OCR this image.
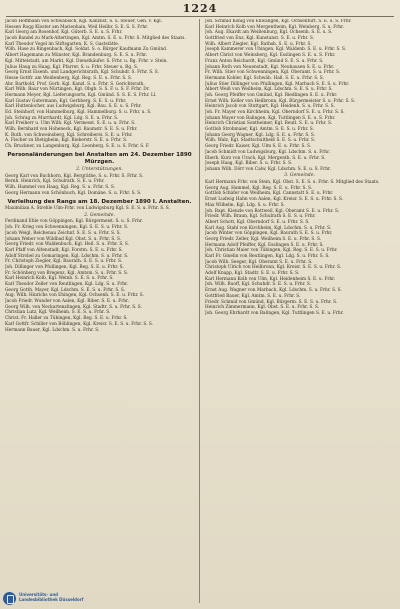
1224
Jacob Hoffmann von Schwäbisch, Kgl. Kanzlist, S. u. Steuer, Gen. v. Kgl.
Hessen Rogg Kloster am Marienhain, Weil Heilbr. S. E. S. S. Frhr.
Karl Georg am Rosenhof, Kgl. Güterb. S. E. u. S. Frhr.
Jacob Bandel zu Mark-Altertingen, Kgl. Amtm. S. E. u. Frhr. S. Mitglied des Staats.
Karl Theodor Vogel im Stiftsgarten, K. S. Gaststätte.
Wilh. Hase zu Ringenbach, Kgl. Soldat. S. o. Bürger Kaufmann Zu Gmünd.
Albert Hagemann zu Münster, Kgl. Brandenburg. S. E. S. u. Frhr.
Kgl. Mittelstadt, am Markt, Kgl. Dienstkäufer. S. Frhr. u. Bg. Frhr. v. Stein.
Julius Haug zu Haag, Kgl. Pfarrer, S. u. Frhr. Steuer u. Bg. S.
Georg Ernst Eisenh. und Landgerichtsrath, Kgl. Schuhdr. S. Frhr. S. S.
Hesse Gottfr. am Weißenberg, Kgl. Reg. S. E. u. Frhr. S. S.
Abr. Barthold, Prof. Gorb. Kgl. Kanzl. S. u. Frhr. S. Gerichtsrath.
Karl Wilh. Baur von Nürtingen, Kgl. Obgb. S. S. F. u. S. F. Frhr. Dr.
Hermann Meyer, Bgl. Lieferungsorts, Kgl. Gmünd. S. S. E. S. Frhr. Ll.
Karl Gustav Gutermann, Kgl. Gerbberg. S. E. S. u. Frhr.
Karl Huttenlocher, aus Ludwigsburg, Kgl. Bau. S. E. u. S. Frhr.
Ed. Steinhorf, von Hammelburg, Kgl. Hammelburg. S. u. Frhr. u. S.
Joh. Schrag zu Murrhardt, Kgl. Ldg. S. E. u. Frhr. S.
Karl Freiherr u. Ulm Wilh. Kgl. Vermesst. S. E. u. u. Frhr. S.
Wilh. Bernhard von Hoheneck, Kgl. Baumstr. S. E. S. u. Frhr.
K. Ruth. von Schweinsberg, Kgl. Schreiberei. S. E. u. Frhr.
A. Fischer zu Bietigheim, Kgl. Bieberstr. S. E. u. Frhr. S.
Ch. Bruckner, zu Langenburg, Kgl. Leonberg. S. E. u. S. Frhr. S. F.
Personaländerungen bei Anstalten am 24. Dezember 1890 Mürzgen.
2. Unterstützungen.
Georg Karl von Buchhorn, Kgl. Bergräthe. S. u. Frhr. S. Frhr. S.
Bernh. Heinrich, Kgl. Schulrath. S. E. u. Frhr.
Wilh. Hammel von Haag, Kgl. Reg. S. u. Frhr. S. S.
Georg Hermann von Schönbuch, Kgl. Domäne. S. u. Frhr. S. S.
Verleihung des Rangs am 18. Dezember 1890 I. Anstalten.
Maximilian A. Strehle Ulm-Frhr. von Ludwigsburg Kgl. S. E. S. u. Frhr. S. S.
2. Gemeinde.
Ferdinand Ehle von Göppingen, Kgl. Bürgermeist. S. u. S. Frhr.
Joh. Fr. Krieg von Schwenningen, Kgl. S. E. S. u. Frhr. S.
Jacob Weigl, Reichenau Zeichnf. S. E. S. u. Frhr. S. S.
Johann Weber von Wildbad Kgl. Obst. S. u. Frhr. S. S.
Georg Friedr. von Waldenbuch, Kgl. Heil. S. u. Frhr. S. S.
Karl Pfaff von Altenstadt, Kgl. Forstm. S. E. u. Frhr. S.
Adolf Strobel zu Gomaringen, Kgl. Ldschm. S. u. Frhr. S.
Fr. Christoph Ziegler, Kgl. Baurath. S. E. S. u. Frhr. S.
Joh. Dillinger von Pfullingen, Kgl. Reg. S. E. u. Frhr. S.
Fr. Schönberg von Bregenz, Kgl. Amtsm. S. u. Frhr. S. S.
Karl Heinrich Kolb, Kgl. Weinb. S. E. S. u. Frhr. S.
Karl Theodor Zeller von Reutlingen, Kgl. Ldg. S. u. Frhr.
Georg Gotth. Mayer, Kgl. Ldschm. S. E. S. u. Frhr. S. S.
Aug. Wilh. Hinrichs von Ehingen, Kgl. Ochsenh. S. E. u. Frhr. S.
Jacob Friedr. Wunder von Aalen, Kgl. Biber. S. E. u. Frhr.
Georg Wilh. von Neckartenzlingen, Kgl. Stadtr. S. u. Frhr. S. S.
Christian Lutz, Kgl. Weilheim. S. E. S. u. Frhr. S.
Christ. Fr. Haller zu Tübingen, Kgl. Reg. S. E. u. Frhr. S.
Karl Gottfr. Schiller von Böblingen, Kgl. Kreisr. S. E. S. u. Frhr. S. S.
Hermann Bauer, Kgl. Ldschm. S. u. Frhr. S.
Joh. Schmid König von Ellwangen, Kgl. Ochsenfurt. S. E. u. S. Frhr.
Karl Heinrich Kolb von Mergentheim, Kgl. Weinberg. S. u. Frhr.
Joh. Aug. Ekardt am Weißenburg, Kgl. Ochsenh. S. E. u. S.
Gottfried von Enz, Kgl. Kunstanst. S. E. u. Frhr. S.
Wilh. Albert Ziegler, Kgl. Rathsh. S. E. u. Frhr. S.
Joseph Kammerer von Uhingen, Kgl. Waldenb. S. E. u. Frhr. S. S.
Albert Christ von Weinsberg, Kgl. Esslingen S. E. u. S. Frhr.
Franz Anton Reichardt, Kgl. Gmünd S. E. S. u. Frhr. S.
Johann Roth von Neuenstadt, Kgl. Neuhausen S. E. u. Frhr.
Fr. Wilh. Stier von Schwenningen, Kgl. Oberamt. S. u. Frhr. S.
Hermann Kohler, Kgl. Schwäb. Hall. S. E. u. Frhr. S. S.
Julius Stier Dillinger von Pfullingen, Kgl. Marbach S. E. S. u. Frhr.
Albert Weiß von Weilheim, Kgl. Ldschm. S. E. S. u. Frhr. S.
Joh. Georg Pfeiffer von Gmünd, Kgl. Riedlingen S. E. u. Frhr.
Ernst Wilh. Keller von Heilbronn, Kgl. Bürgermeister S. u. Frhr. S. S.
Heinrich Jacob von Stuttgart, Kgl. Heidenh. S. u. Frhr. S. S.
Joh. Fr. Mayer von Kirchheim, Kgl. Oberndorf S. E. u. Frhr. S. S.
Johann Mayer von Balingen, Kgl. Tuttlingen S. E. u. S. Frhr.
Heinrich Christian Sontheimer, Kgl. Reutl. S. E. u. Frhr. S.
Gottlob Strohmaier, Kgl. Amtm. S. E. S. u. Frhr. S.
Johann Georg Wagner, Kgl. Ldg. S. E. u. Frhr. S. S.
Wilh. Walz, Kgl. Stadtschultheiß S. E. S. u. Frhr. S.
Georg Friedr. Kaiser, Kgl. Ulm S. E. u. Frhr. S. S.
Jacob Schmidt von Ludwigsburg, Kgl. Ldschm. S. u. Frhr.
Eberh. Kurz von Urach, Kgl. Mergenth. S. E. u. Frhr. S.
Joseph Haag, Kgl. Biber. S. u. Frhr. S. S.
Johann Wilh. Dörr von Calw, Kgl. Ldschm. S. E. u. S. Frhr.
3. Gemeinde.
Karl Hermann Frhr. von Stein, Kgl. Obst. S. E. S. u. Frhr. S. Mitglied des Staats.
Georg Aug. Hammel, Kgl. Reg. S. E. u. Frhr. S. S.
Gottlob Schäfer von Weilheim, Kgl. Cannstatt S. E. u. Frhr.
Ernst Ludwig Hahn von Aalen, Kgl. Kreisr. S. E. S. u. Frhr. S. S.
Max Wilhelm, Kgl. Ldg. S. u. Frhr. S.
Joh. Bapt. Kienzle von Rottweil, Kgl. Oberamt S. E. u. Frhr. S.
Friedr. Wilh. Braun, Kgl. Schulrath S. E. S. u. Frhr.
Albert Schott, Kgl. Oberndorf S. E. u. Frhr. S. S.
Karl Aug. Stahl von Kirchheim, Kgl. Ldschm. S. u. Frhr. S.
Jacob Winter von Göppingen, Kgl. Baurath S. E. S. u. Frhr.
Georg Friedr. Zeller, Kgl. Weilheim S. E. u. Frhr. S. S.
Hermann Adolf Pfeiffer, Kgl. Esslingen S. E. u. Frhr. S.
Joh. Christian Maier von Tübingen, Kgl. Reg. S. E. S. u. Frhr.
Karl Fr. Gmelin von Reutlingen, Kgl. Ldg. S. u. Frhr. S. S.
Jacob Wilh. Seeger, Kgl. Oberamt S. E. u. Frhr. S.
Christoph Ulrich von Heilbronn, Kgl. Kreisr. S. E. S. u. Frhr. S.
Adolf Knapp, Kgl. Stadtr. S. E. u. Frhr. S. S.
Karl Hermann Kolb von Ulm, Kgl. Heidenheim S. E. u. Frhr.
Joh. Wilh. Ruoff, Kgl. Schuhdr. S. E. S. u. Frhr. S.
Ernst Aug. Wagner von Marbach, Kgl. Ldschm. S. u. Frhr. S. S.
Gottfried Bauer, Kgl. Amtm. S. E. u. Frhr. S.
Friedr. Schmid von Gmünd, Kgl. Bürgerm. S. E. S. u. Frhr. S.
Heinrich Zimmermann, Kgl. Obst. S. E. u. Frhr. S. S.
Joh. Georg Ehrhardt von Balingen, Kgl. Tuttlingen S. E. u. Frhr.
Universitäts- und
Landesbibliothek Düsseldorf
